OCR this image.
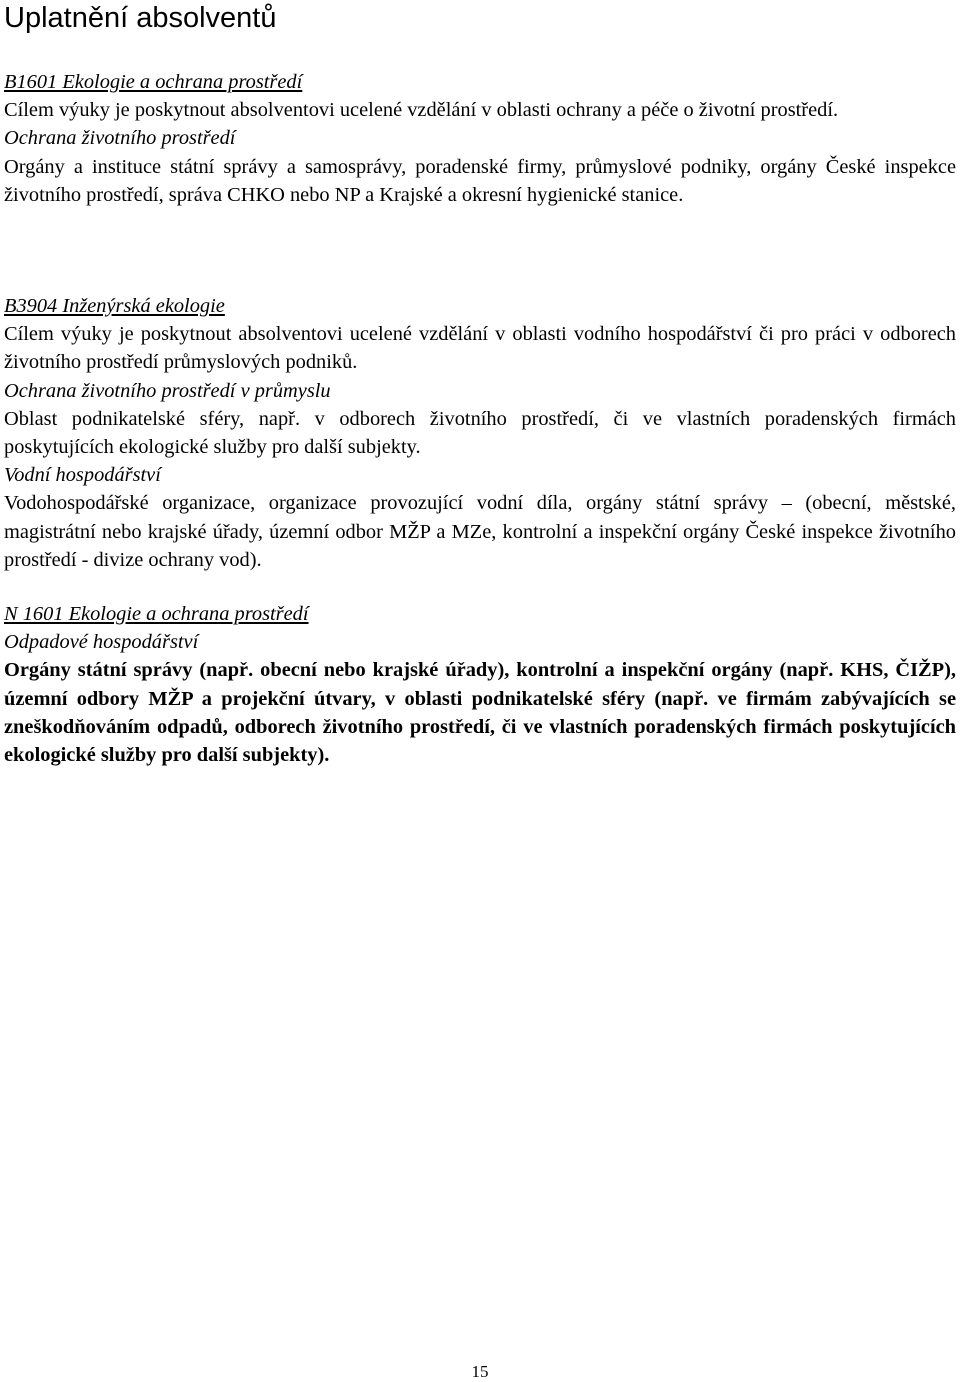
Uplatnění absolventů

B1601 Ekologie a ochrana prostředí

Cílem výuky je poskytnout absolventovi ucelené vzdělání v oblasti ochrany a péče o životní prostředí.

Ochrana životního prostředí

Orgány a instituce státní správy a samosprávy, poradenské firmy, průmyslové podniky, orgány České inspekce životního prostředí, správa CHKO nebo NP a Krajské a okresní hygienické stanice.

B3904 Inženýrská ekologie

Cílem výuky je poskytnout absolventovi ucelené vzdělání v oblasti vodního hospodářství či pro práci v odborech životního prostředí průmyslových podniků.

Ochrana životního prostředí v průmyslu

Oblast podnikatelské sféry, např. v odborech životního prostředí, či ve vlastních poradenských firmách poskytujících ekologické služby pro další subjekty.

Vodní hospodářství

Vodohospodářské organizace, organizace provozující vodní díla, orgány státní správy – (obecní, městské, magistrátní nebo krajské úřady, územní odbor MŽP a MZe, kontrolní a inspekční orgány České inspekce životního prostředí - divize ochrany vod).

N 1601 Ekologie a ochrana prostředí

Odpadové hospodářství

Orgány státní správy (např. obecní nebo krajské úřady), kontrolní a inspekční orgány (např. KHS, ČIŽP), územní odbory MŽP a projekční útvary, v oblasti podnikatelské sféry (např. ve firmám zabývajících se zneškodňováním odpadů, odborech životního prostředí, či ve vlastních poradenských firmách poskytujících ekologické služby pro další subjekty).

15
